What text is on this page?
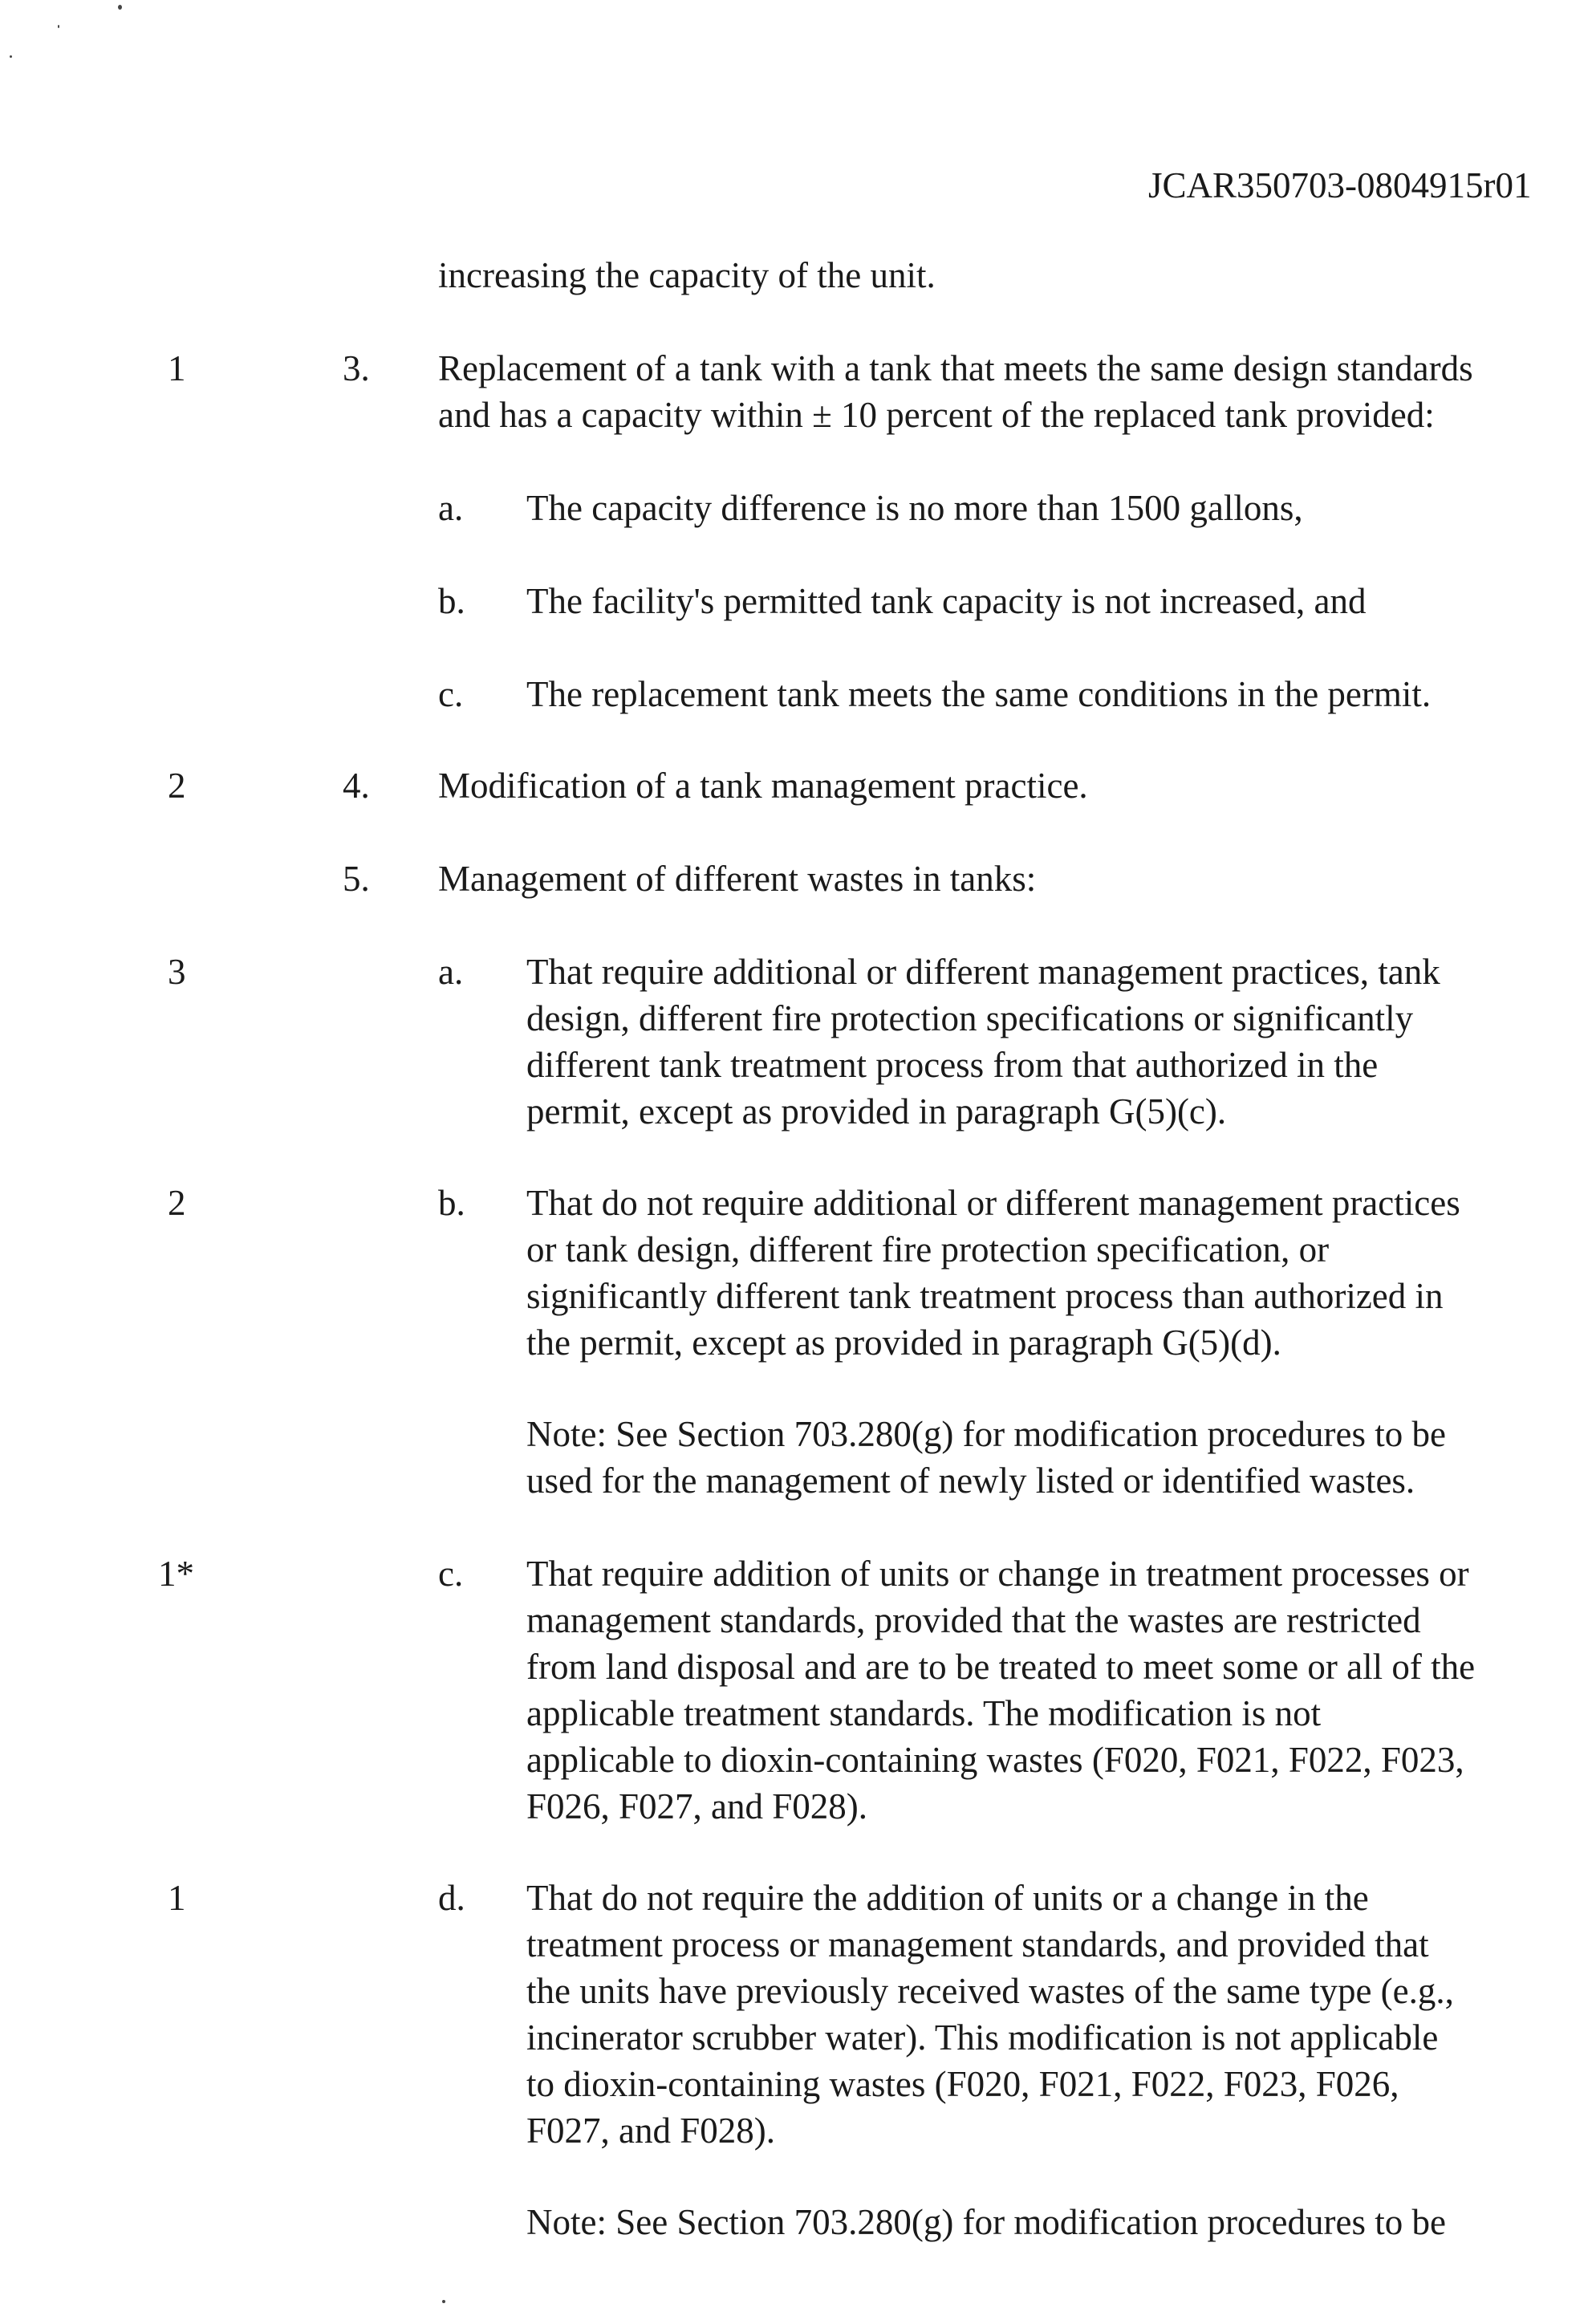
JCAR350703-0804915r01
increasing the capacity of the unit.
1	3. Replacement of a tank with a tank that meets the same design standards
and has a capacity within ± 10 percent of the replaced tank provided:
a. The capacity difference is no more than 1500 gallons,
b. The facility's permitted tank capacity is not increased, and
c. The replacement tank meets the same conditions in the permit.
2	4. Modification of a tank management practice.
5. Management of different wastes in tanks:
3	a. That require additional or different management practices, tank
design, different fire protection specifications or significantly
different tank treatment process from that authorized in the
permit, except as provided in paragraph G(5)(c).
2	b. That do not require additional or different management practices
or tank design, different fire protection specification, or
significantly different tank treatment process than authorized in
the permit, except as provided in paragraph G(5)(d).
Note: See Section 703.280(g) for modification procedures to be
used for the management of newly listed or identified wastes.
1*	c. That require addition of units or change in treatment processes or
management standards, provided that the wastes are restricted
from land disposal and are to be treated to meet some or all of the
applicable treatment standards. The modification is not
applicable to dioxin-containing wastes (F020, F021, F022, F023,
F026, F027, and F028).
1	d. That do not require the addition of units or a change in the
treatment process or management standards, and provided that
the units have previously received wastes of the same type (e.g.,
incinerator scrubber water). This modification is not applicable
to dioxin-containing wastes (F020, F021, F022, F023, F026,
F027, and F028).
Note: See Section 703.280(g) for modification procedures to be
